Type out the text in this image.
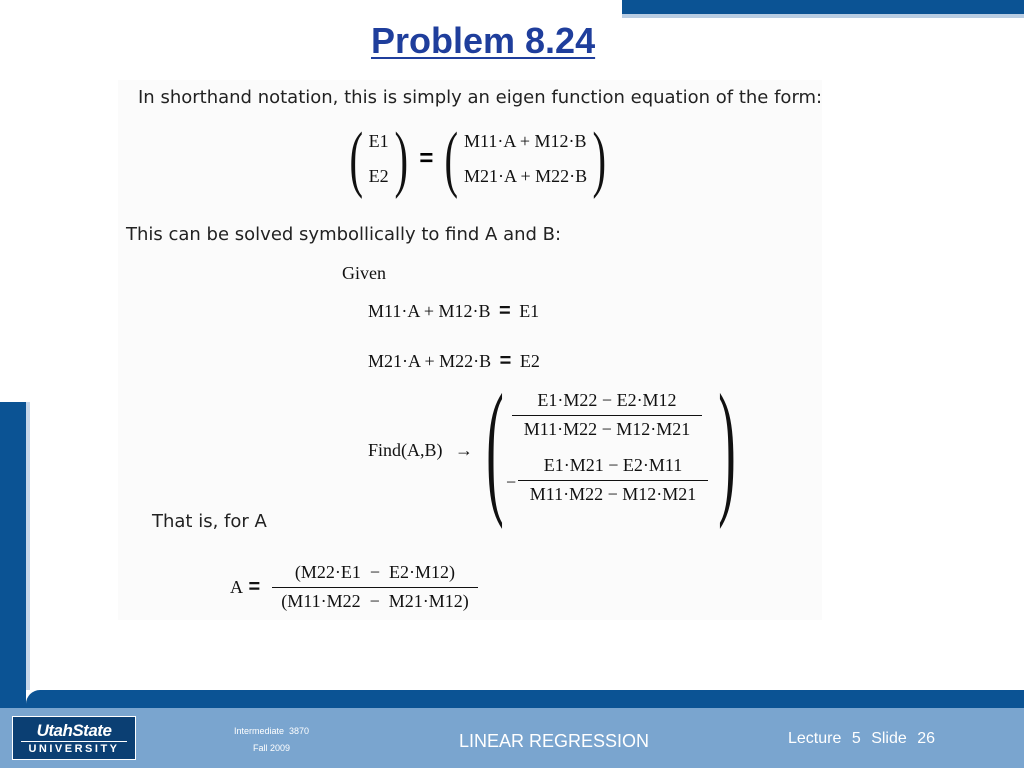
Problem 8.24
In shorthand notation, this is simply an eigen function equation of the form:
( E1
E2 ) = ( M11·A + M12·B
M21·A + M22·B )
This can be solved symbollically to find A and B:
Given
M11·A + M12·B = E1
M21·A + M22·B = E2
Find(A,B) → ( )
E1·M22 − E2·M12
M11·M22 − M12·M21
−
E1·M21 − E2·M11
M11·M22 − M12·M21
That is, for A
A =
(M22·E1  −  E2·M12)
(M11·M22  −  M21·M12)
UtahState
UNIVERSITY
Intermediate  3870
Fall 2009	LINEAR REGRESSION	Lecture 5 Slide 26
